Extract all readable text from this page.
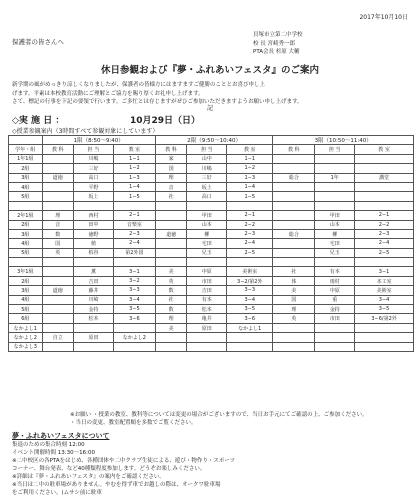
2017年10月10日
保護者の皆さんへ
貝塚市立第二中学校
校 長 宮崎秀一郎
PTA会長 杉原 大輔
休日参観および『夢・ふれあいフェスタ』のご案内
新学期の風がめっきり涼しくなりましたが、保護者の皆様方にはますますご健勝のこととお喜び申し上
げます。平素は本校教育活動にご理解とご協力を賜り厚くお礼申し上げます。
さて、標記の行事を下記の要領で行います。ご多忙とは存じますがぜひご参加いただきますようお願い申し上げます。
記
◇実 施 日 ：	10月29日（日）
◇授業参観案内（3時間すべて参観対象にしています）
	1限（8:50〜9:40）			2限（9:50〜10:40）			3限（10:50〜11:40）		
学年・組	教 科	担 当	教 室	教 科	担 当	教 室	教 科	担 当	教 室
1年1組		川嶋	1−1	家	山中	1−1			
2組		三好	1−2	国	川嶋	1−2			
3組	道徳	高口	1−3	理	三好	1−3	総合	1年	講堂
4組		平野	1−4	音	坂上	1−4			
5組		坂上	1−5	社	高口	1−5			

2年1組	理	西村	2−1		甲田	2−1		甲田	2−1
2組	音	田中	音楽室		山本	2−2		山本	2−2
3組	数	徳野	2−3	道徳	柳	2−3	総合	柳	2−3
4組	国	植	2−4		宅田	2−4		宅田	2−4
5組	英	柏谷	第2外国		兄玉	2−5		兄玉	2−5

3年1組		薫	3−1	美	中原	美術室	社	有本	3−1
2組		吉田	3−2	英	市田	3−2/第2外	体	雨村	本工室
3組	道徳	藤井	3−3	数	吉田	3−3	美	中原	美術室
4組		川崎	3−4	社	有本	3−4	国	重	3−4
5組		金持	3−5	数	松本	3−5	理	金持	3−5
6組		松本	3−6	理	亀井	3−6	英	市田	3−6/第2外
なかよし1				美	原田	なかよし1			
なかよし2	自立	原田	なかよし2						
なかよし3									
※お願い ・授業の教室、教科等については変更の場合がございますので、当日お手元にてご確認の上、ご参加ください。
・当日の変更、教室配置順を多数でご覧ください。
夢・ふれあいフェスタについて
集退のための集合時刻 12:00
イベント開催時間 13:30〜16:00
※二中校区の各PTAをはじめ、各種団体や二中クラブ生徒による、遊び・物作り・スポーツ
コーナー、舞台発表、など40種類程度参加します。どうぞお楽しみください。
※詳細は『夢・ふれあいフェスタ』の案内をご確認ください。
※当日は二中の駐車場がありません。やむを得ず車でお越しの際は、オークワ駐車場
をご利用ください。(ムサシ前に駐車
